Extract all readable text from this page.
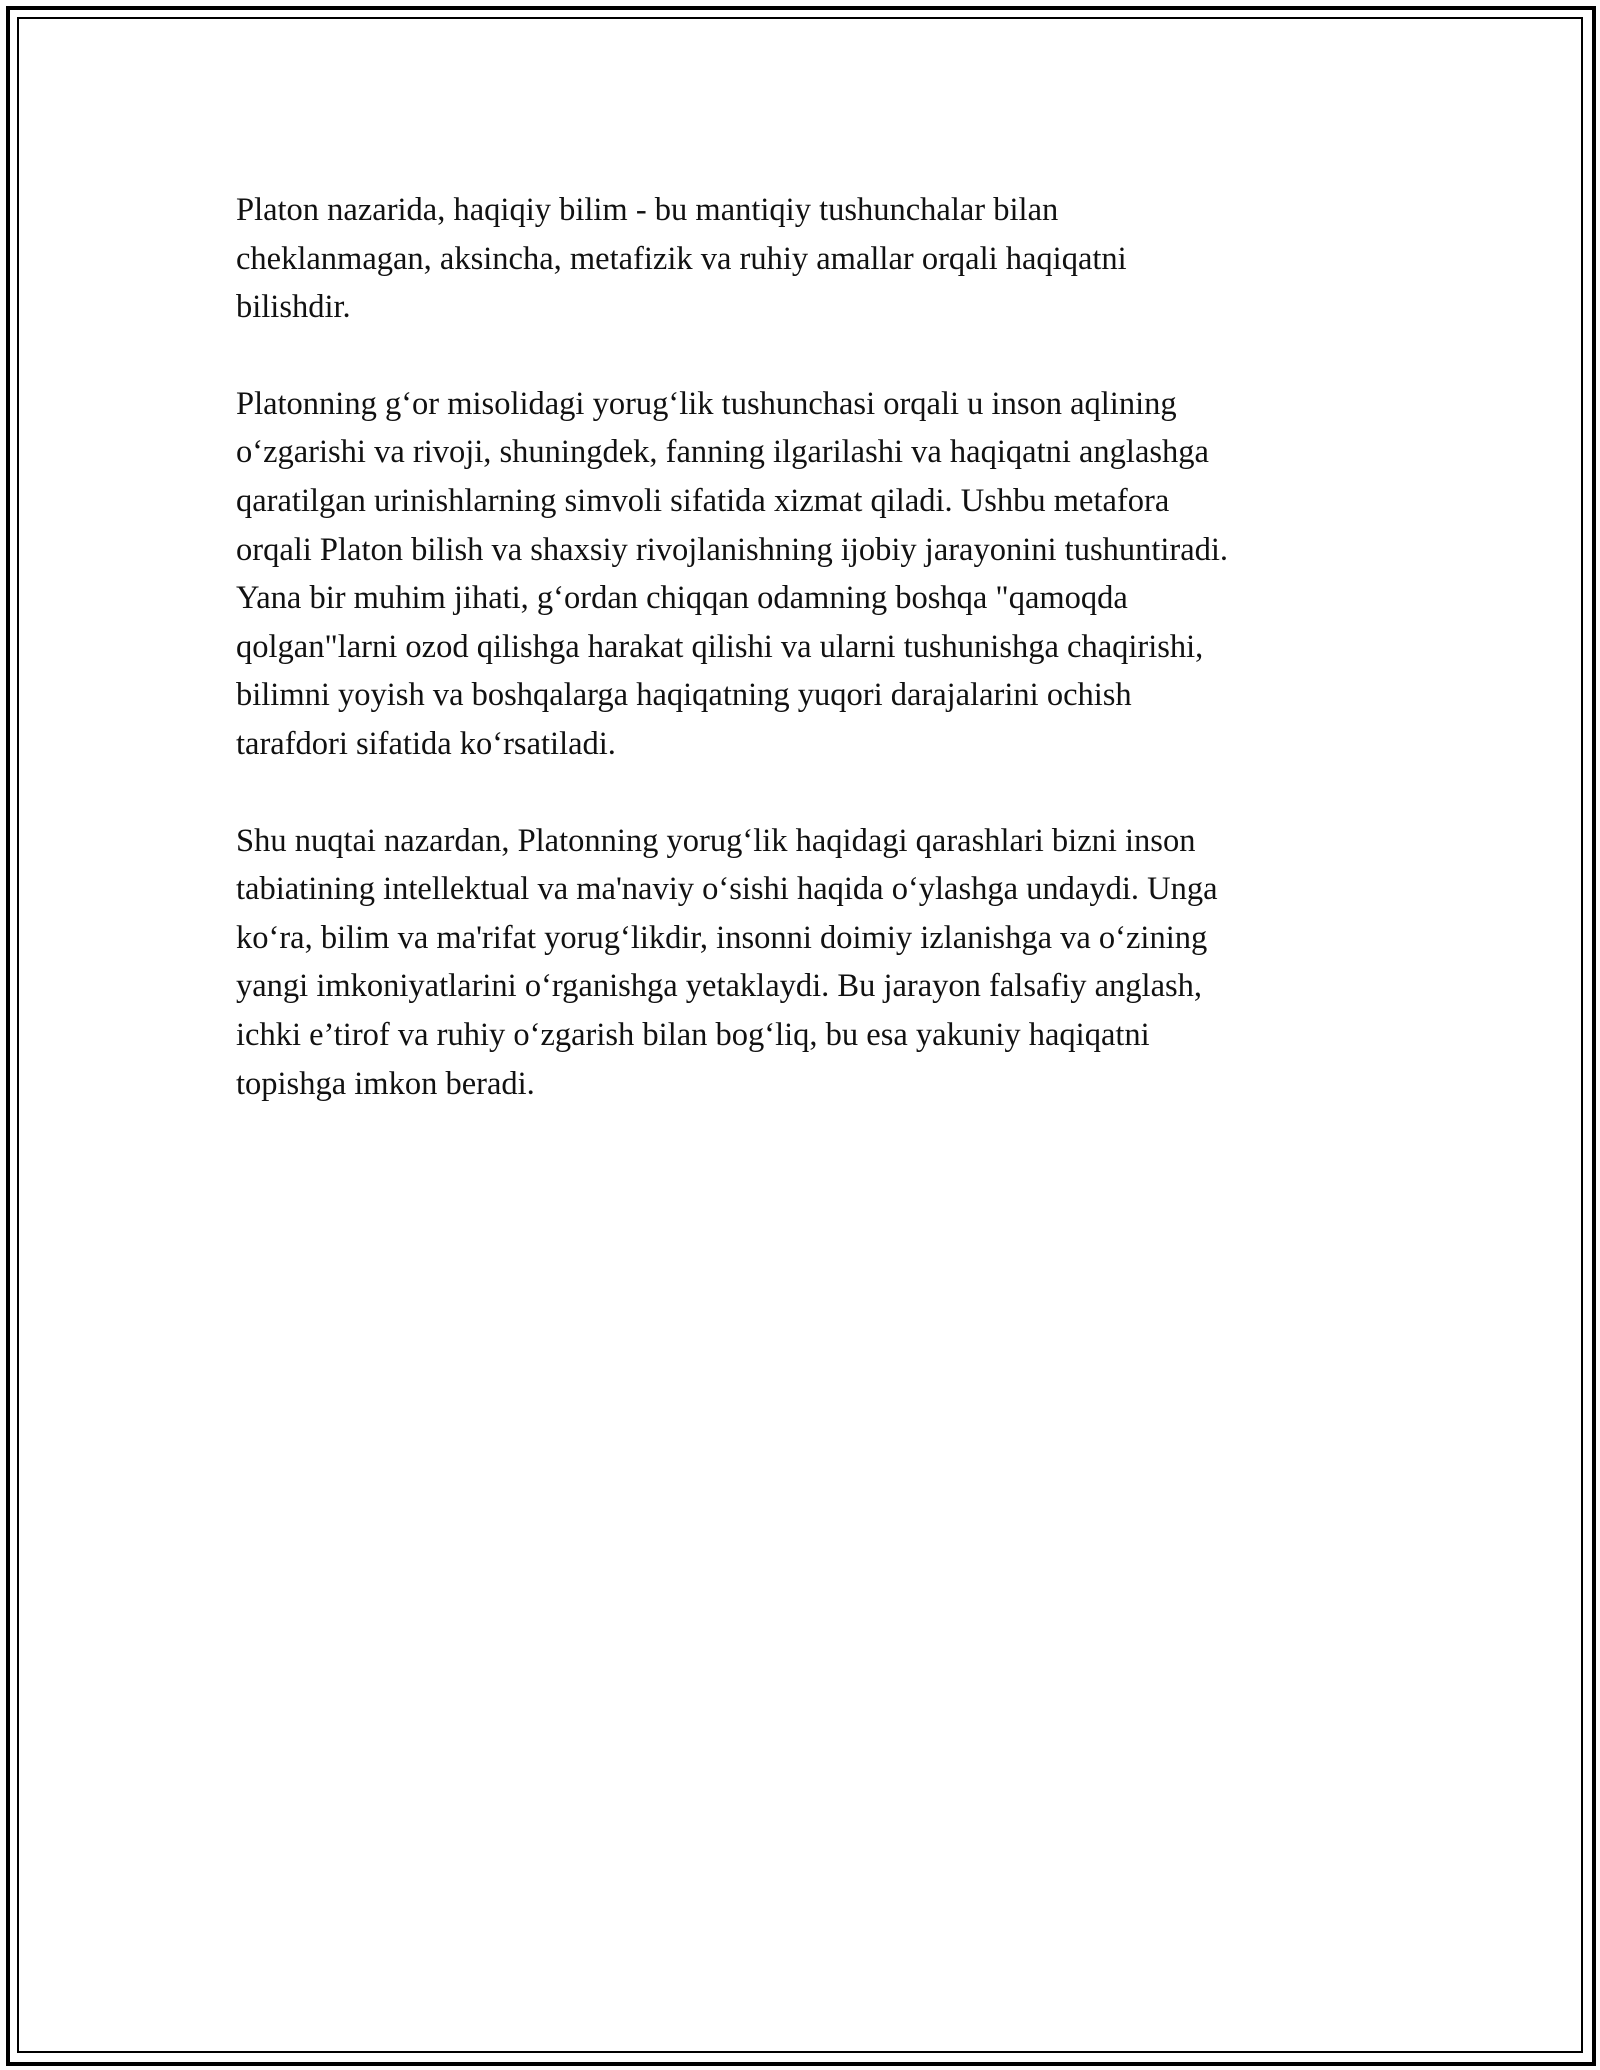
Platon nazarida, haqiqiy bilim - bu mantiqiy tushunchalar bilan
cheklanmagan, aksincha, metafizik va ruhiy amallar orqali haqiqatni
bilishdir.

Platonning g‘or misolidagi yorug‘lik tushunchasi orqali u inson aqlining
o‘zgarishi va rivoji, shuningdek, fanning ilgarilashi va haqiqatni anglashga
qaratilgan urinishlarning simvoli sifatida xizmat qiladi. Ushbu metafora
orqali Platon bilish va shaxsiy rivojlanishning ijobiy jarayonini tushuntiradi.
Yana bir muhim jihati, g‘ordan chiqqan odamning boshqa "qamoqda
qolgan"larni ozod qilishga harakat qilishi va ularni tushunishga chaqirishi,
bilimni yoyish va boshqalarga haqiqatning yuqori darajalarini ochish
tarafdori sifatida ko‘rsatiladi.

Shu nuqtai nazardan, Platonning yorug‘lik haqidagi qarashlari bizni inson
tabiatining intellektual va ma'naviy o‘sishi haqida o‘ylashga undaydi. Unga
ko‘ra, bilim va ma'rifat yorug‘likdir, insonni doimiy izlanishga va o‘zining
yangi imkoniyatlarini o‘rganishga yetaklaydi. Bu jarayon falsafiy anglash,
ichki e’tirof va ruhiy o‘zgarish bilan bog‘liq, bu esa yakuniy haqiqatni
topishga imkon beradi.
